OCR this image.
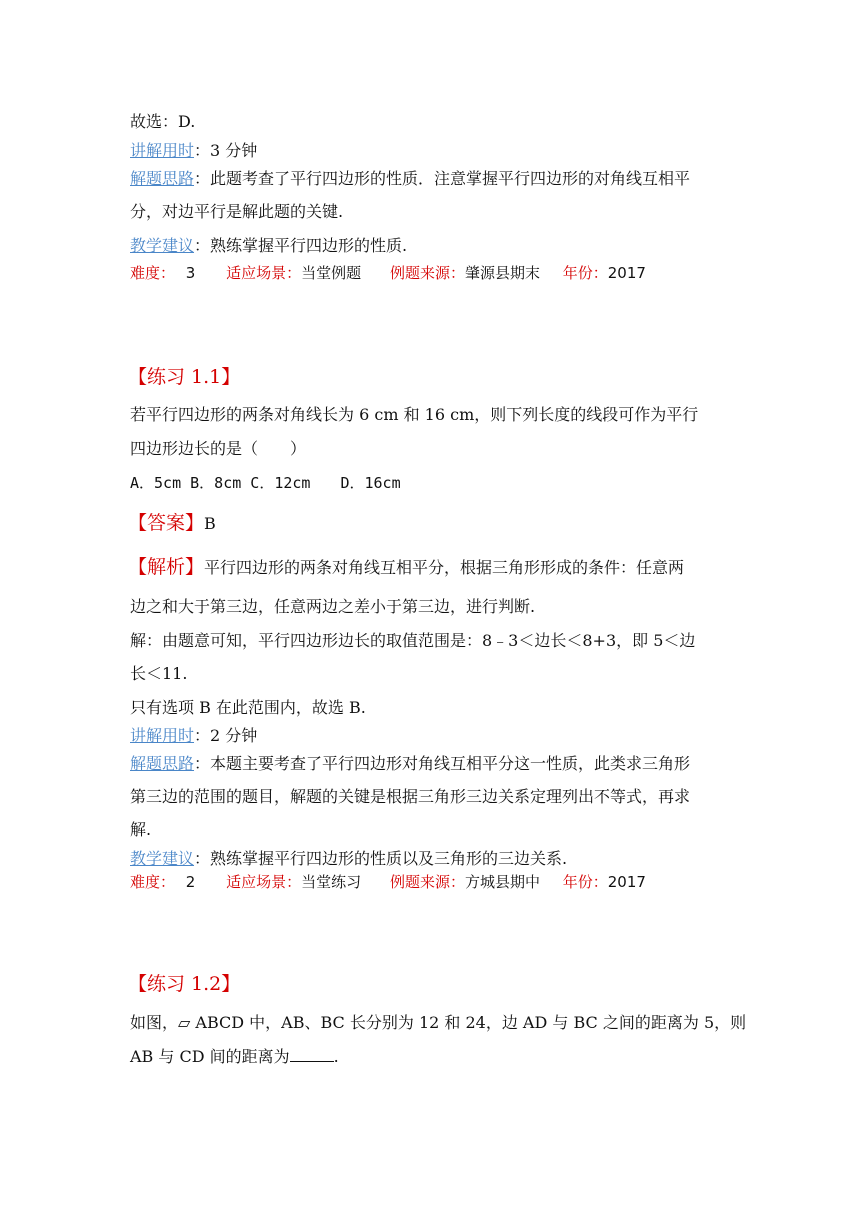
故选：D.
讲解用时：3 分钟
解题思路：此题考查了平行四边形的性质．注意掌握平行四边形的对角线互相平
分，对边平行是解此题的关键.
教学建议：熟练掌握平行四边形的性质.
难度： 3 适应场景：当堂例题 例题来源：肇源县期末 年份：2017
【练习 1.1】
若平行四边形的两条对角线长为 6 cm 和 16 cm，则下列长度的线段可作为平行
四边形边长的是（　　）
A．5cm B．8cm C．12cm　　D．16cm
【答案】B
【解析】平行四边形的两条对角线互相平分，根据三角形形成的条件：任意两
边之和大于第三边，任意两边之差小于第三边，进行判断.
解：由题意可知，平行四边形边长的取值范围是：8﹣3＜边长＜8+3，即 5＜边
长＜11.
只有选项 B 在此范围内，故选 B.
讲解用时：2 分钟
解题思路：本题主要考查了平行四边形对角线互相平分这一性质，此类求三角形
第三边的范围的题目，解题的关键是根据三角形三边关系定理列出不等式，再求
解.
教学建议：熟练掌握平行四边形的性质以及三角形的三边关系.
难度： 2 适应场景：当堂练习 例题来源：方城县期中 年份：2017
【练习 1.2】
如图，▱ ABCD 中，AB、BC 长分别为 12 和 24，边 AD 与 BC 之间的距离为 5，则
AB 与 CD 间的距离为	.
